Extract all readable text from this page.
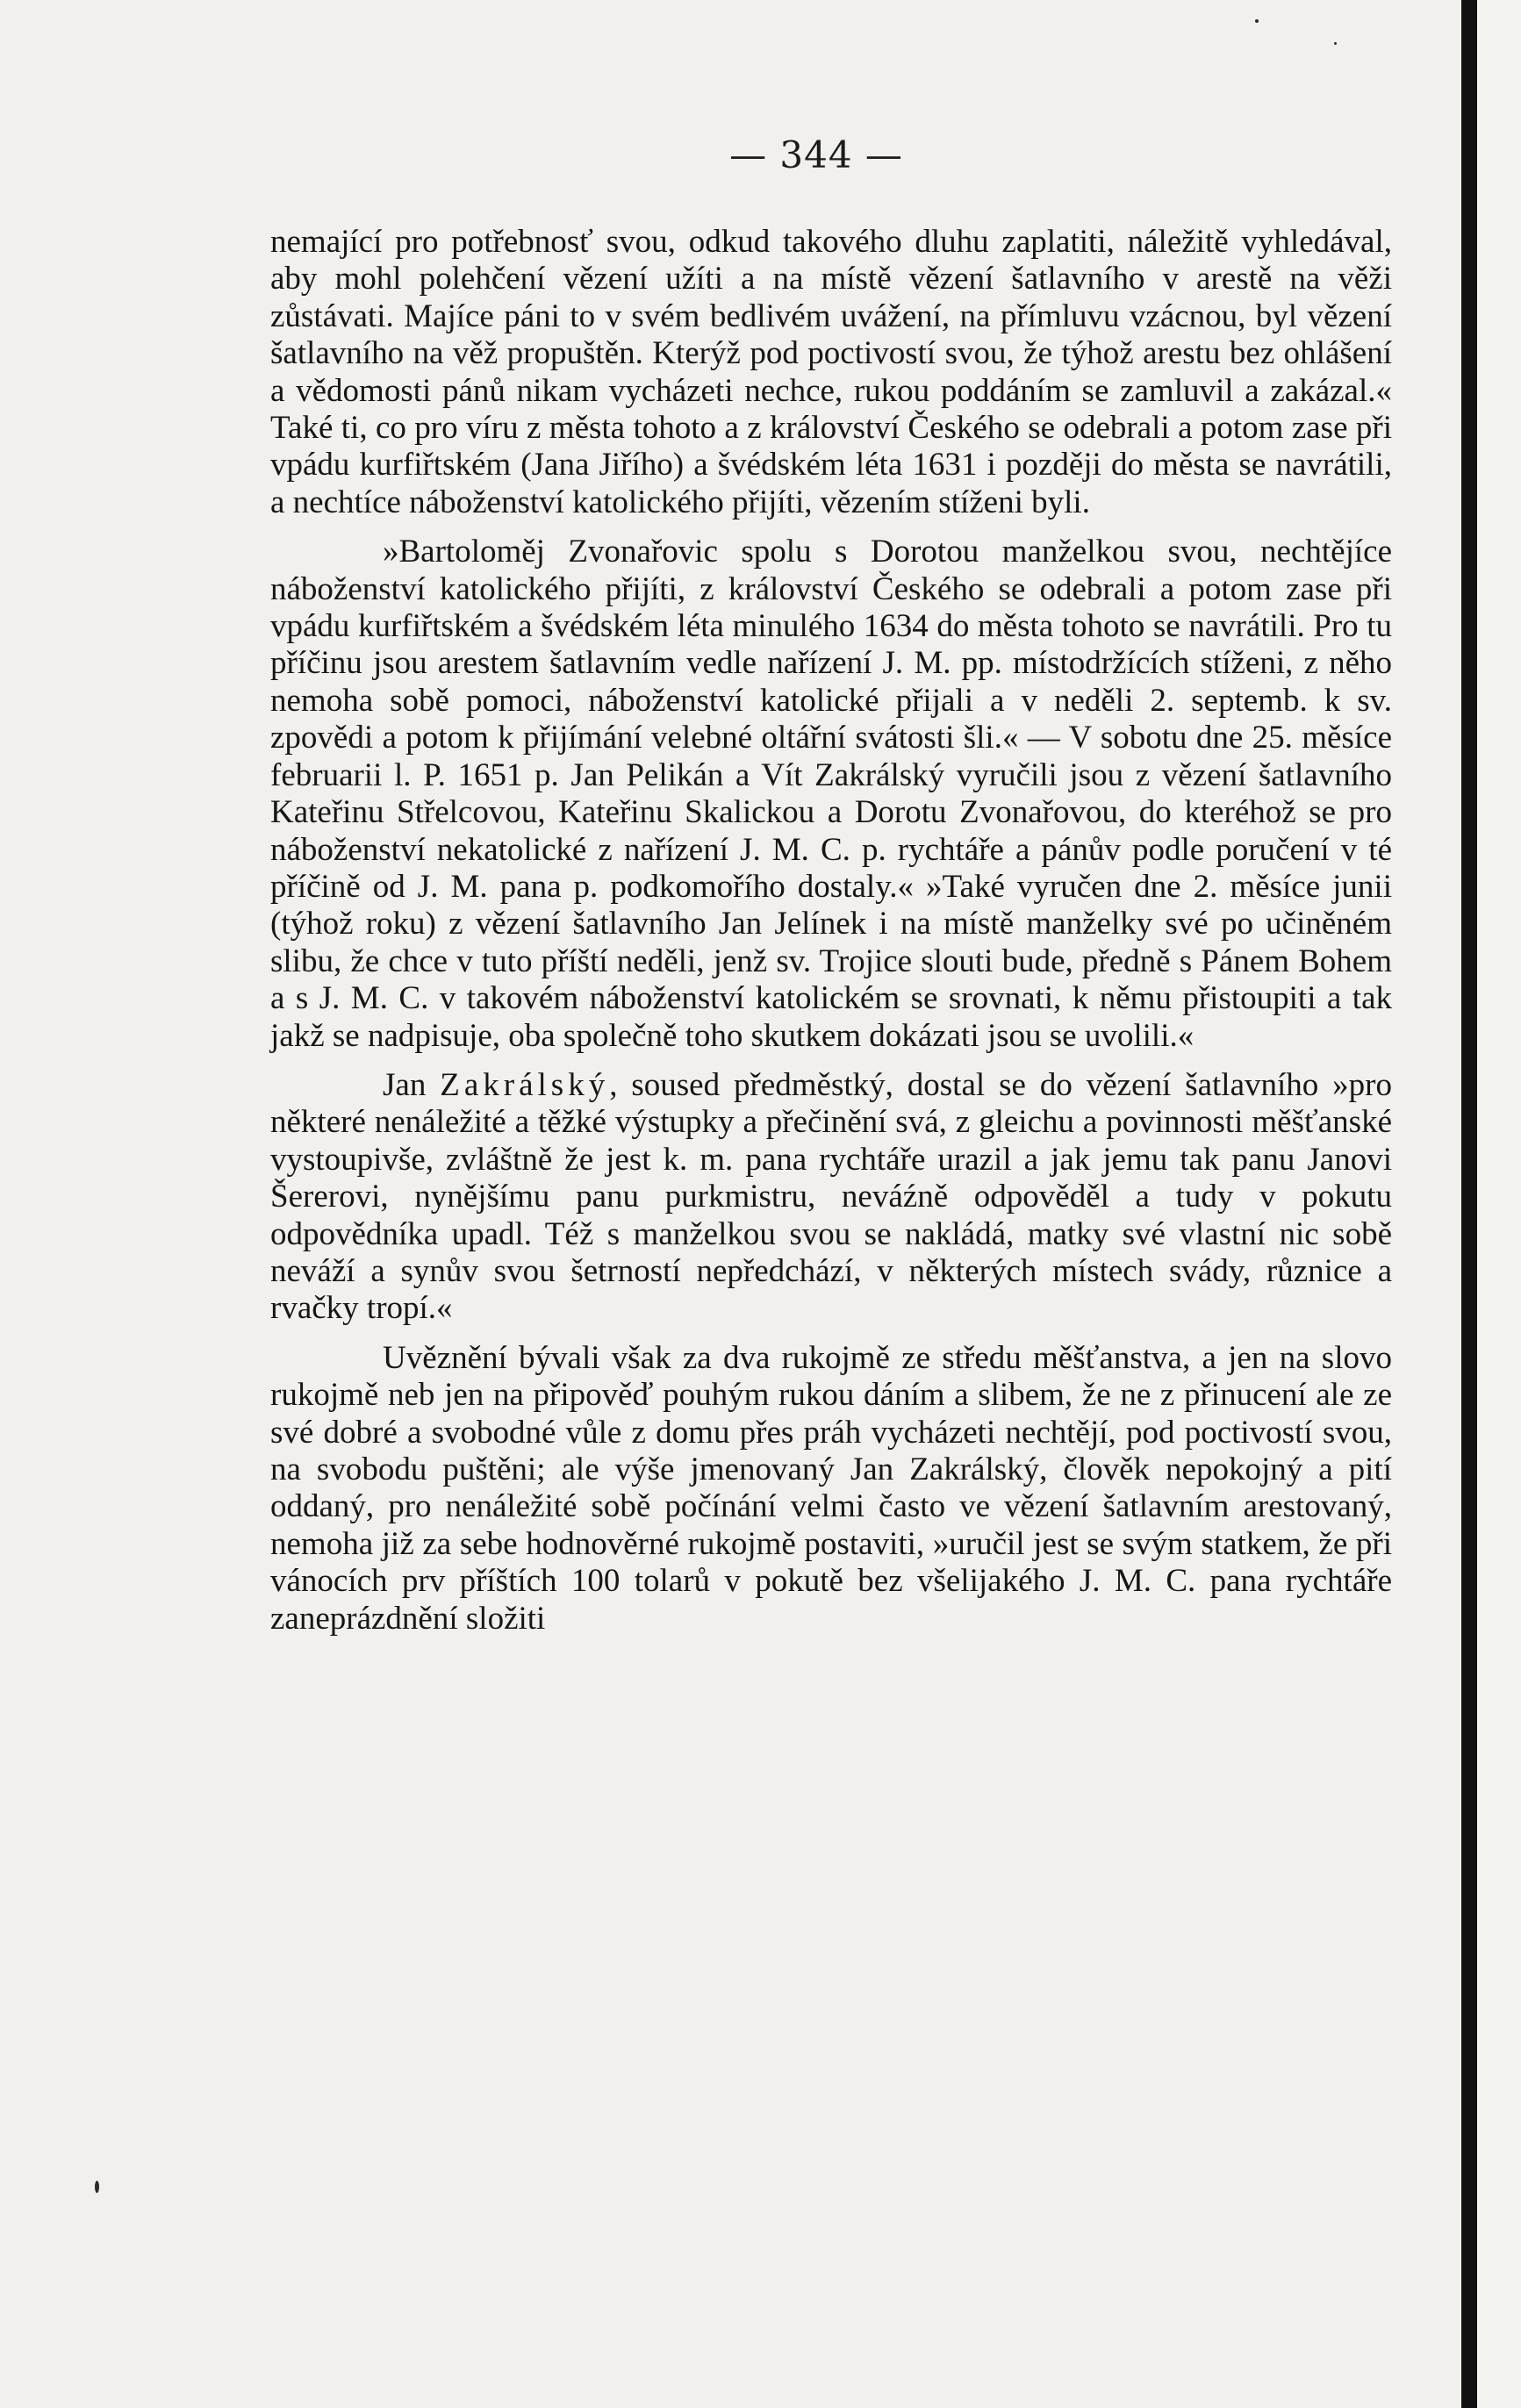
— 344 —

nemající pro potřebnosť svou, odkud takového dluhu zaplatiti, náležitě vyhledával, aby mohl polehčení vězení užíti a na místě vězení šatlavního v arestě na věži zůstávati. Majíce páni to v svém bedlivém uvážení, na přímluvu vzácnou, byl vězení šatlavního na věž propuštěn. Kterýž pod poctivostí svou, že týhož arestu bez ohlášení a vědomosti pánů nikam vycházeti nechce, rukou poddáním se zamluvil a zakázal.« Také ti, co pro víru z města tohoto a z království Českého se odebrali a potom zase při vpádu kurfiřtském (Jana Jiřího) a švédském léta 1631 i později do města se navrátili, a nechtíce náboženství katolického přijíti, vězením stíženi byli.

»Bartoloměj Zvonařovic spolu s Dorotou manželkou svou, nechtějíce náboženství katolického přijíti, z království Českého se odebrali a potom zase při vpádu kurfiřtském a švédském léta minulého 1634 do města tohoto se navrátili. Pro tu příčinu jsou arestem šatlavním vedle nařízení J. M. pp. místodržících stíženi, z něho nemoha sobě pomoci, náboženství katolické přijali a v neděli 2. septemb. k sv. zpovědi a potom k přijímání velebné oltářní svátosti šli.« — V sobotu dne 25. měsíce februarii l. P. 1651 p. Jan Pelikán a Vít Zakrálský vyručili jsou z vězení šatlavního Kateřinu Střelcovou, Kateřinu Skalickou a Dorotu Zvonařovou, do kteréhož se pro náboženství nekatolické z nařízení J. M. C. p. rychtáře a pánův podle poručení v té příčině od J. M. pana p. podkomořího dostaly.« »Také vyručen dne 2. měsíce junii (týhož roku) z vězení šatlavního Jan Jelínek i na místě manželky své po učiněném slibu, že chce v tuto příští neděli, jenž sv. Trojice slouti bude, předně s Pánem Bohem a s J. M. C. v takovém náboženství katolickém se srovnati, k němu přistoupiti a tak jakž se nadpisuje, oba společně toho skutkem dokázati jsou se uvolili.«

Jan Zakrálský, soused předměstký, dostal se do vězení šatlavního »pro některé nenáležité a těžké výstupky a přečinění svá, z gleichu a povinnosti měšťanské vystoupivše, zvláštně že jest k. m. pana rychtáře urazil a jak jemu tak panu Janovi Šererovi, nynějšímu panu purkmistru, neváźně odpověděl a tudy v pokutu odpovědníka upadl. Též s manželkou svou se nakládá, matky své vlastní nic sobě neváží a synův svou šetrností nepředchází, v některých místech svády, různice a rvačky tropí.«

Uvěznění bývali však za dva rukojmě ze středu měšťanstva, a jen na slovo rukojmě neb jen na připověď pouhým rukou dáním a slibem, že ne z přinucení ale ze své dobré a svobodné vůle z domu přes práh vycházeti nechtějí, pod poctivostí svou, na svobodu puštěni; ale výše jmenovaný Jan Zakrálský, člověk nepokojný a pití oddaný, pro nenáležité sobě počínání velmi často ve vězení šatlavním arestovaný, nemoha již za sebe hodnověrné rukojmě postaviti, »uručil jest se svým statkem, že při vánocích prv příštích 100 tolarů v pokutě bez všelijakého J. M. C. pana rychtáře zaneprázdnění složiti
